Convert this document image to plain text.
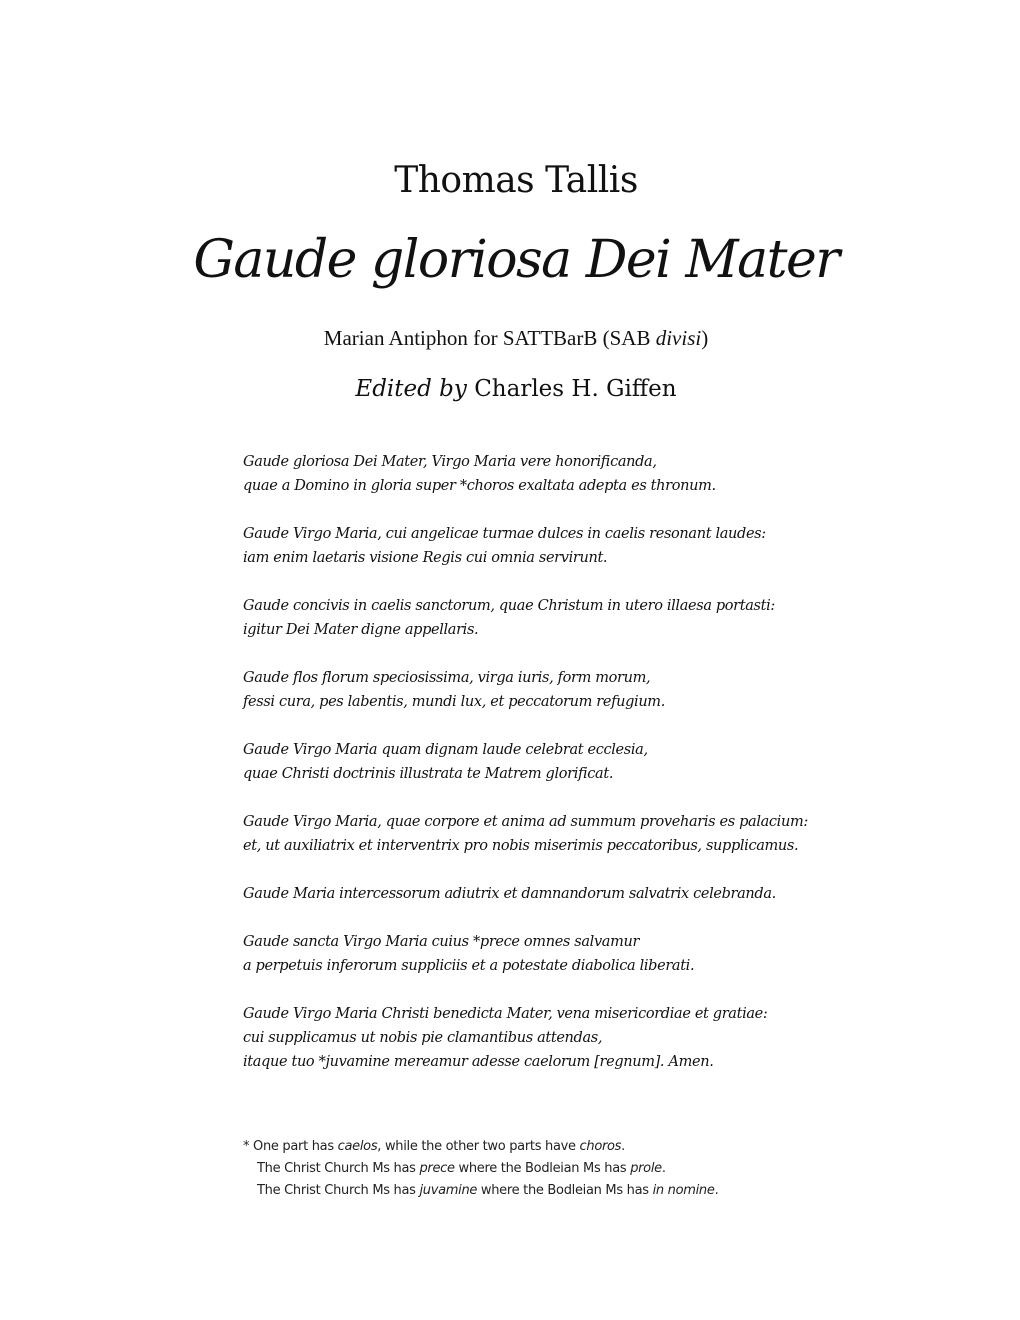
Thomas Tallis
Gaude gloriosa Dei Mater
Marian Antiphon for SATTBarB (SAB divisi)
Edited by Charles H. Giffen
Gaude gloriosa Dei Mater, Virgo Maria vere honorificanda,
quae a Domino in gloria super *choros exaltata adepta es thronum.
Gaude Virgo Maria, cui angelicae turmae dulces in caelis resonant laudes:
iam enim laetaris visione Regis cui omnia servirunt.
Gaude concivis in caelis sanctorum, quae Christum in utero illaesa portasti:
igitur Dei Mater digne appellaris.
Gaude flos florum speciosissima, virga iuris, form morum,
fessi cura, pes labentis, mundi lux, et peccatorum refugium.
Gaude Virgo Maria quam dignam laude celebrat ecclesia,
quae Christi doctrinis illustrata te Matrem glorificat.
Gaude Virgo Maria, quae corpore et anima ad summum proveharis es palacium:
et, ut auxiliatrix et interventrix pro nobis miserimis peccatoribus, supplicamus.
Gaude Maria intercessorum adiutrix et damnandorum salvatrix celebranda.
Gaude sancta Virgo Maria cuius *prece omnes salvamur
a perpetuis inferorum suppliciis et a potestate diabolica liberati.
Gaude Virgo Maria Christi benedicta Mater, vena misericordiae et gratiae:
cui supplicamus ut nobis pie clamantibus attendas,
itaque tuo *juvamine mereamur adesse caelorum [regnum]. Amen.
* One part has caelos, while the other two parts have choros.
The Christ Church Ms has prece where the Bodleian Ms has prole.
The Christ Church Ms has juvamine where the Bodleian Ms has in nomine.
